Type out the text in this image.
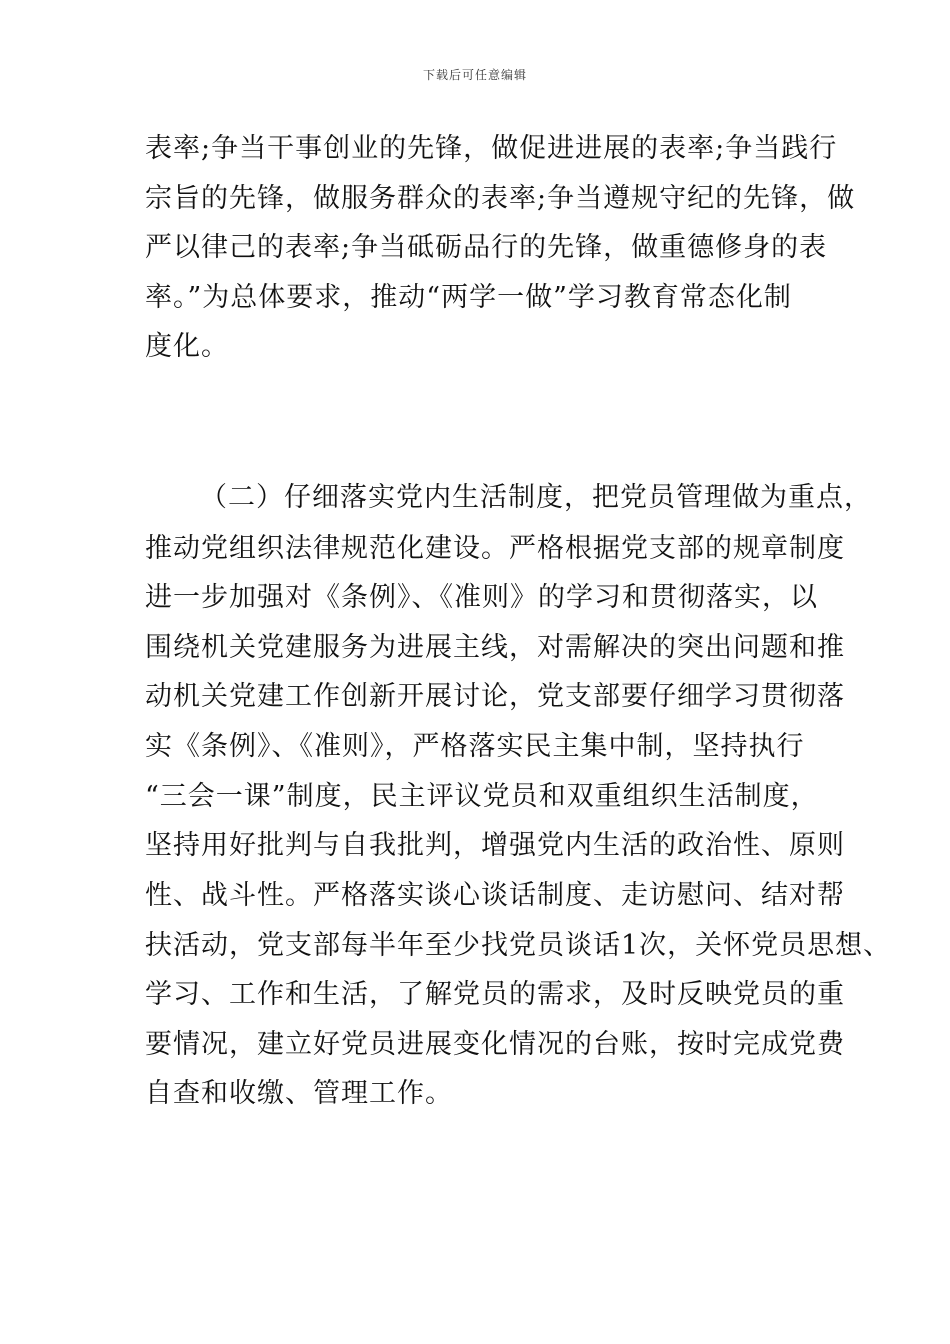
下载后可任意编辑
表率;争当干事创业的先锋，做促进进展的表率;争当践行
宗旨的先锋，做服务群众的表率;争当遵规守纪的先锋，做
严以律己的表率;争当砥砺品行的先锋，做重德修身的表
率。”为总体要求，推动“两学一做”学习教育常态化制
度化。
（二）仔细落实党内生活制度，把党员管理做为重点，
推动党组织法律规范化建设。严格根据党支部的规章制度
进一步加强对《条例》、《准则》的学习和贯彻落实，以
围绕机关党建服务为进展主线，对需解决的突出问题和推
动机关党建工作创新开展讨论，党支部要仔细学习贯彻落
实《条例》、《准则》，严格落实民主集中制，坚持执行
“三会一课”制度，民主评议党员和双重组织生活制度，
坚持用好批判与自我批判，增强党内生活的政治性、原则
性、战斗性。严格落实谈心谈话制度、走访慰问、结对帮
扶活动，党支部每半年至少找党员谈话1次，关怀党员思想、
学习、工作和生活，了解党员的需求，及时反映党员的重
要情况，建立好党员进展变化情况的台账，按时完成党费
自查和收缴、管理工作。
